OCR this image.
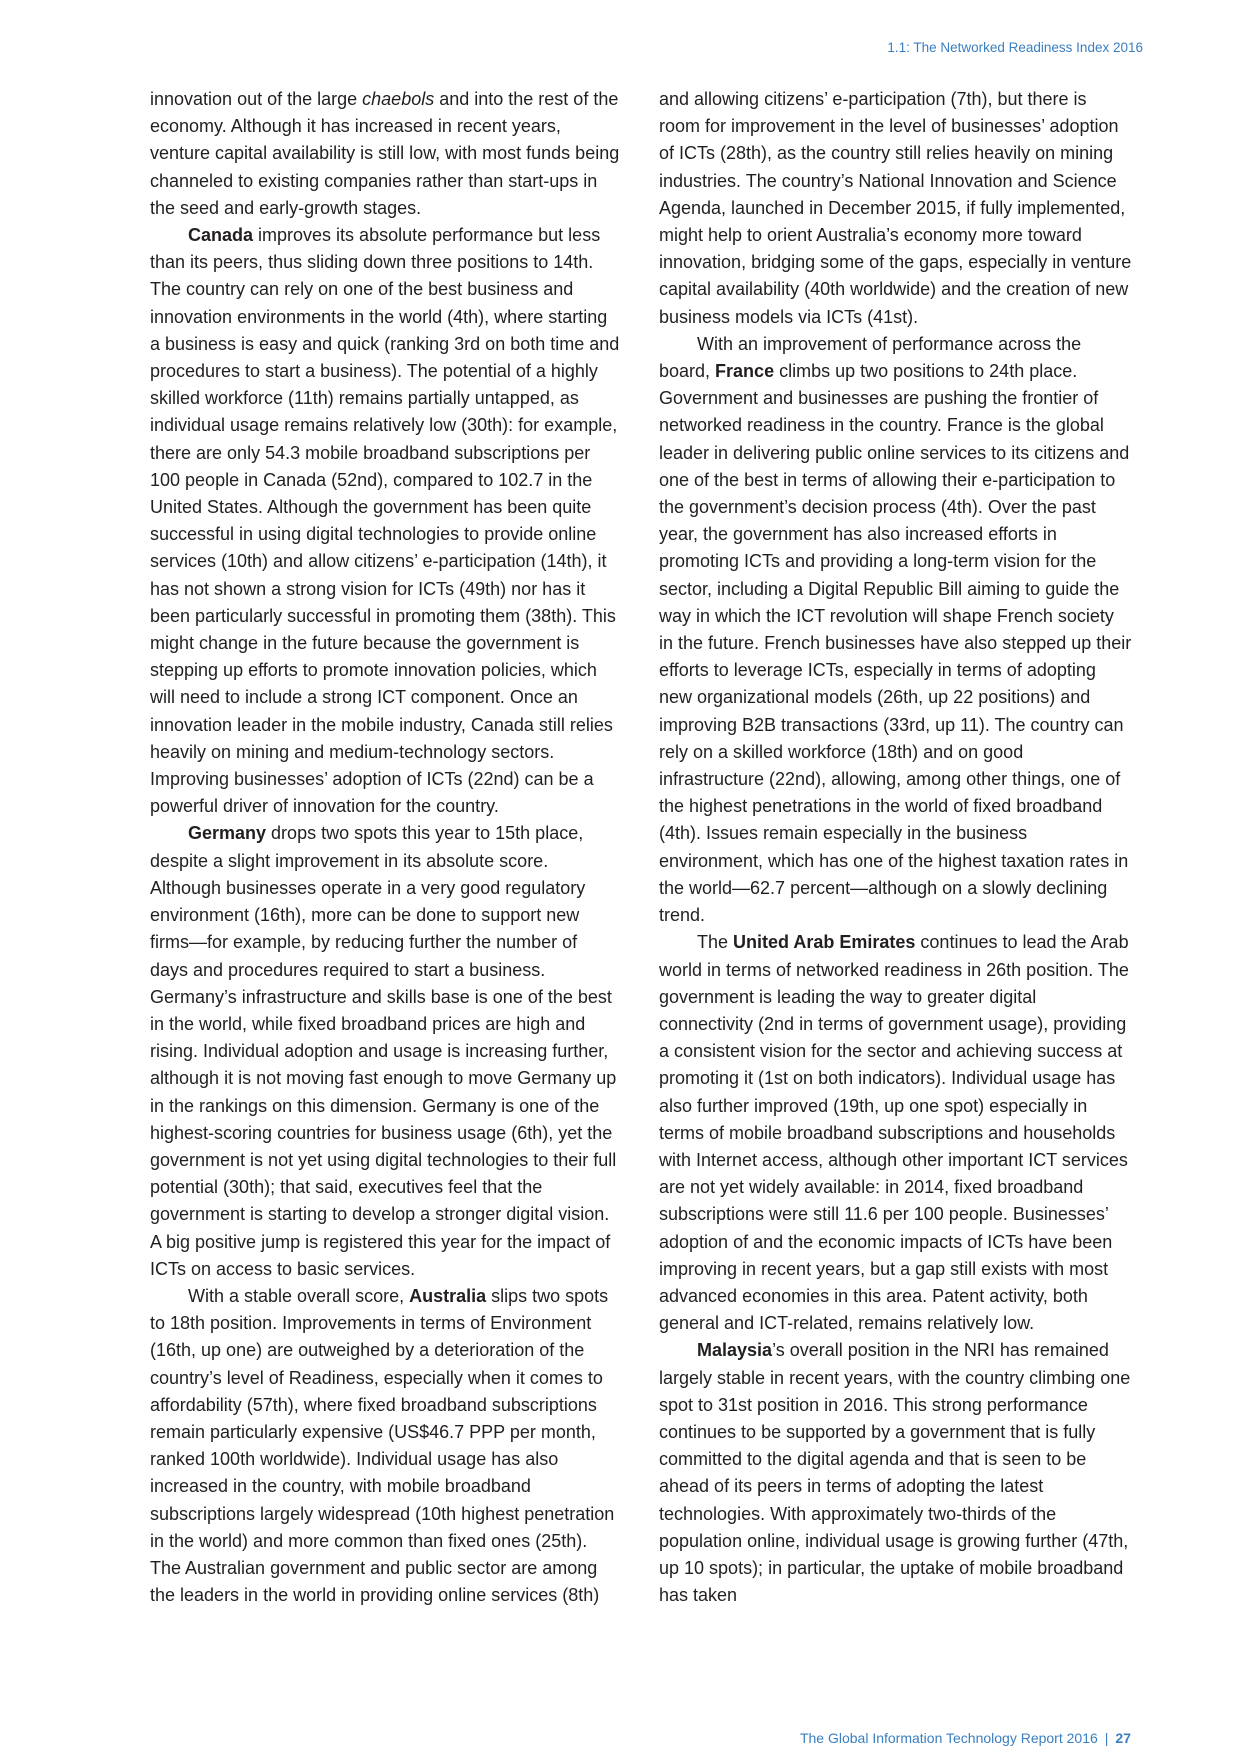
1.1: The Networked Readiness Index 2016

innovation out of the large chaebols and into the rest of the economy. Although it has increased in recent years, venture capital availability is still low, with most funds being channeled to existing companies rather than start-ups in the seed and early-growth stages.

Canada improves its absolute performance but less than its peers, thus sliding down three positions to 14th. The country can rely on one of the best business and innovation environments in the world (4th), where starting a business is easy and quick (ranking 3rd on both time and procedures to start a business). The potential of a highly skilled workforce (11th) remains partially untapped, as individual usage remains relatively low (30th): for example, there are only 54.3 mobile broadband subscriptions per 100 people in Canada (52nd), compared to 102.7 in the United States. Although the government has been quite successful in using digital technologies to provide online services (10th) and allow citizens’ e-participation (14th), it has not shown a strong vision for ICTs (49th) nor has it been particularly successful in promoting them (38th). This might change in the future because the government is stepping up efforts to promote innovation policies, which will need to include a strong ICT component. Once an innovation leader in the mobile industry, Canada still relies heavily on mining and medium-technology sectors. Improving businesses’ adoption of ICTs (22nd) can be a powerful driver of innovation for the country.

Germany drops two spots this year to 15th place, despite a slight improvement in its absolute score. Although businesses operate in a very good regulatory environment (16th), more can be done to support new firms—for example, by reducing further the number of days and procedures required to start a business. Germany’s infrastructure and skills base is one of the best in the world, while fixed broadband prices are high and rising. Individual adoption and usage is increasing further, although it is not moving fast enough to move Germany up in the rankings on this dimension. Germany is one of the highest-scoring countries for business usage (6th), yet the government is not yet using digital technologies to their full potential (30th); that said, executives feel that the government is starting to develop a stronger digital vision. A big positive jump is registered this year for the impact of ICTs on access to basic services.

With a stable overall score, Australia slips two spots to 18th position. Improvements in terms of Environment (16th, up one) are outweighed by a deterioration of the country’s level of Readiness, especially when it comes to affordability (57th), where fixed broadband subscriptions remain particularly expensive (US$46.7 PPP per month, ranked 100th worldwide). Individual usage has also increased in the country, with mobile broadband subscriptions largely widespread (10th highest penetration in the world) and more common than fixed ones (25th). The Australian government and public sector are among the leaders in the world in providing online services (8th)

and allowing citizens’ e-participation (7th), but there is room for improvement in the level of businesses’ adoption of ICTs (28th), as the country still relies heavily on mining industries. The country’s National Innovation and Science Agenda, launched in December 2015, if fully implemented, might help to orient Australia’s economy more toward innovation, bridging some of the gaps, especially in venture capital availability (40th worldwide) and the creation of new business models via ICTs (41st).

With an improvement of performance across the board, France climbs up two positions to 24th place. Government and businesses are pushing the frontier of networked readiness in the country. France is the global leader in delivering public online services to its citizens and one of the best in terms of allowing their e-participation to the government’s decision process (4th). Over the past year, the government has also increased efforts in promoting ICTs and providing a long-term vision for the sector, including a Digital Republic Bill aiming to guide the way in which the ICT revolution will shape French society in the future. French businesses have also stepped up their efforts to leverage ICTs, especially in terms of adopting new organizational models (26th, up 22 positions) and improving B2B transactions (33rd, up 11). The country can rely on a skilled workforce (18th) and on good infrastructure (22nd), allowing, among other things, one of the highest penetrations in the world of fixed broadband (4th). Issues remain especially in the business environment, which has one of the highest taxation rates in the world—62.7 percent—although on a slowly declining trend.

The United Arab Emirates continues to lead the Arab world in terms of networked readiness in 26th position. The government is leading the way to greater digital connectivity (2nd in terms of government usage), providing a consistent vision for the sector and achieving success at promoting it (1st on both indicators). Individual usage has also further improved (19th, up one spot) especially in terms of mobile broadband subscriptions and households with Internet access, although other important ICT services are not yet widely available: in 2014, fixed broadband subscriptions were still 11.6 per 100 people. Businesses’ adoption of and the economic impacts of ICTs have been improving in recent years, but a gap still exists with most advanced economies in this area. Patent activity, both general and ICT-related, remains relatively low.

Malaysia’s overall position in the NRI has remained largely stable in recent years, with the country climbing one spot to 31st position in 2016. This strong performance continues to be supported by a government that is fully committed to the digital agenda and that is seen to be ahead of its peers in terms of adopting the latest technologies. With approximately two-thirds of the population online, individual usage is growing further (47th, up 10 spots); in particular, the uptake of mobile broadband has taken

The Global Information Technology Report 2016 | 27
